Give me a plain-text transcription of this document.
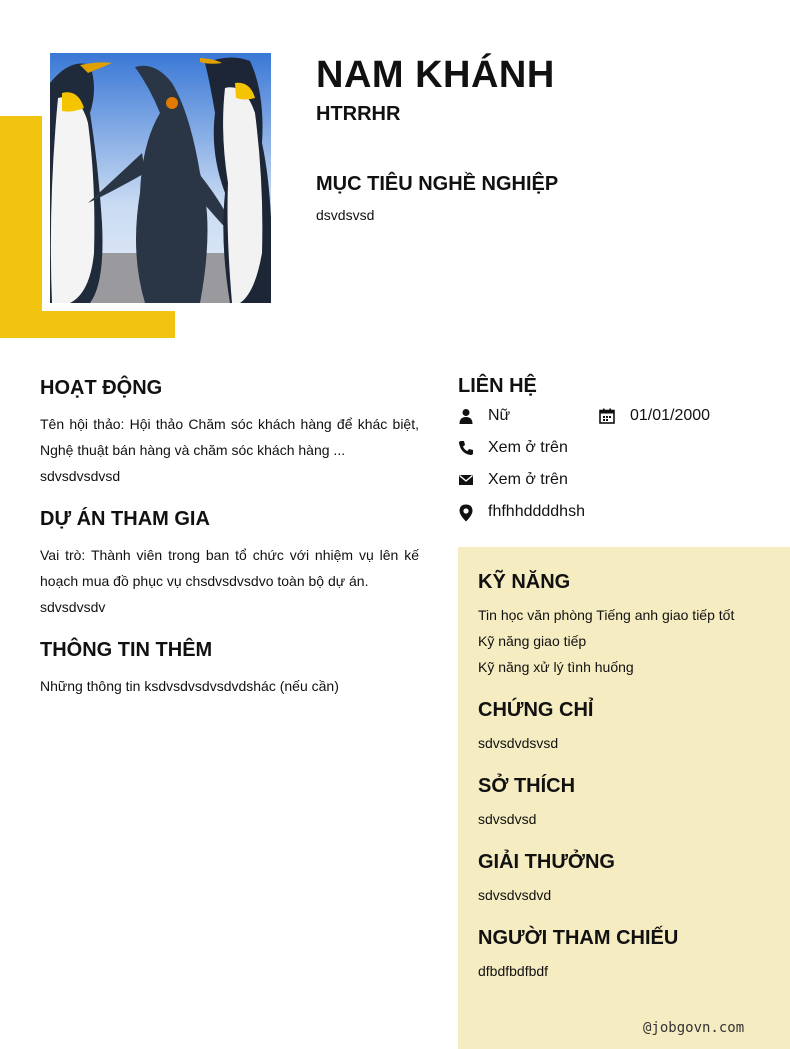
NAM KHÁNH
HTRRHR
MỤC TIÊU NGHỀ NGHIỆP
dsvdsvsd
HOẠT ĐỘNG
Tên hội thảo: Hội thảo Chăm sóc khách hàng để khác biệt, Nghệ thuật bán hàng và chăm sóc khách hàng ...
sdvsdvsdvsd
DỰ ÁN THAM GIA
Vai trò: Thành viên trong ban tổ chức với nhiệm vụ lên kế hoạch mua đồ phục vụ chsdvsdvsdvo toàn bộ dự án.
sdvsdvsdv
THÔNG TIN THÊM
Những thông tin ksdvsdvsdvsdvdshác (nếu cần)
LIÊN HỆ
Nữ	01/01/2000
Xem ở trên
Xem ở trên
fhfhhddddhsh
KỸ NĂNG
Tin học văn phòng Tiếng anh giao tiếp tốt
Kỹ năng giao tiếp
Kỹ năng xử lý tình huống
CHỨNG CHỈ
sdvsdvdsvsd
SỞ THÍCH
sdvsdvsd
GIẢI THƯỞNG
sdvsdvsdvd
NGƯỜI THAM CHIẾU
dfbdfbdfbdf
@jobgovn.com
